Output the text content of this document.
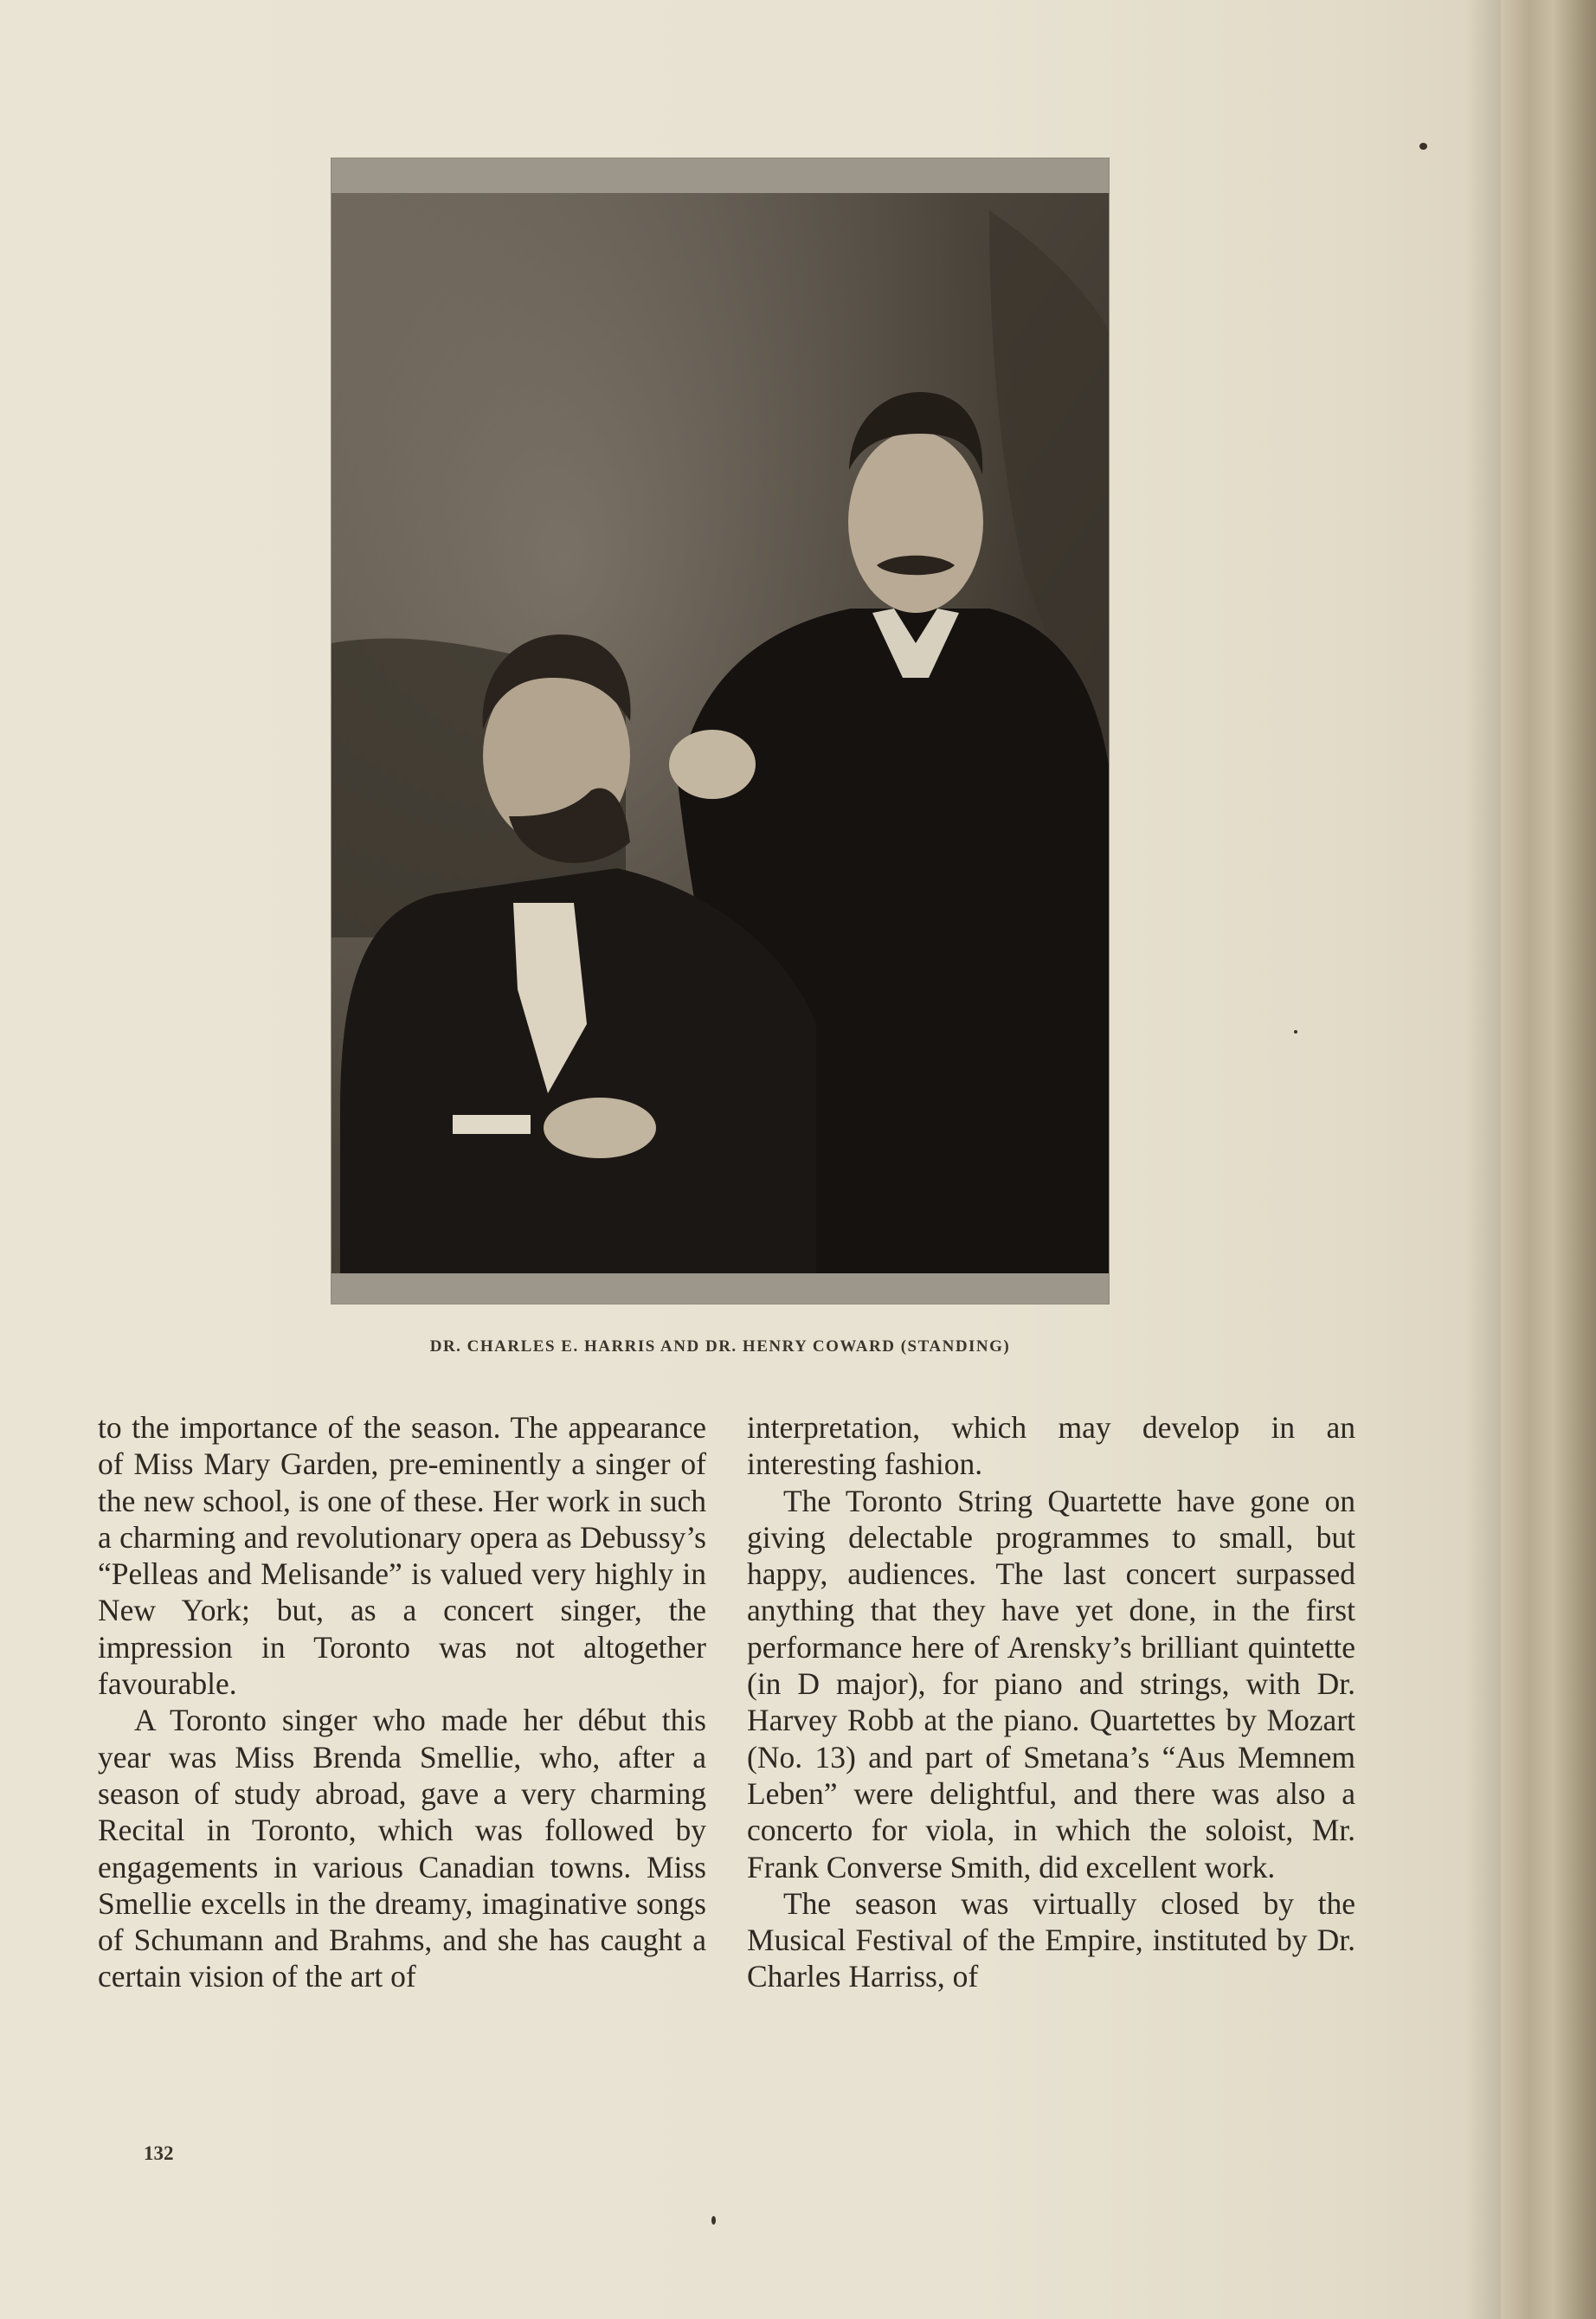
DR. CHARLES E. HARRIS AND DR. HENRY COWARD (STANDING)

to the importance of the season. The appearance of Miss Mary Garden, pre-eminently a singer of the new school, is one of these. Her work in such a charming and revolutionary opera as Debussy’s “Pelleas and Melisande” is valued very highly in New York; but, as a concert singer, the impression in Toronto was not altogether favourable.

A Toronto singer who made her début this year was Miss Brenda Smellie, who, after a season of study abroad, gave a very charming Recital in Toronto, which was followed by engagements in various Canadian towns. Miss Smellie excells in the dreamy, imaginative songs of Schumann and Brahms, and she has caught a certain vision of the art of

interpretation, which may develop in an interesting fashion.

The Toronto String Quartette have gone on giving delectable programmes to small, but happy, audiences. The last concert surpassed anything that they have yet done, in the first performance here of Arensky’s brilliant quintette (in D major), for piano and strings, with Dr. Harvey Robb at the piano. Quartettes by Mozart (No. 13) and part of Smetana’s “Aus Memnem Leben” were delightful, and there was also a concerto for viola, in which the soloist, Mr. Frank Converse Smith, did excellent work.

The season was virtually closed by the Musical Festival of the Empire, instituted by Dr. Charles Harriss, of

132
